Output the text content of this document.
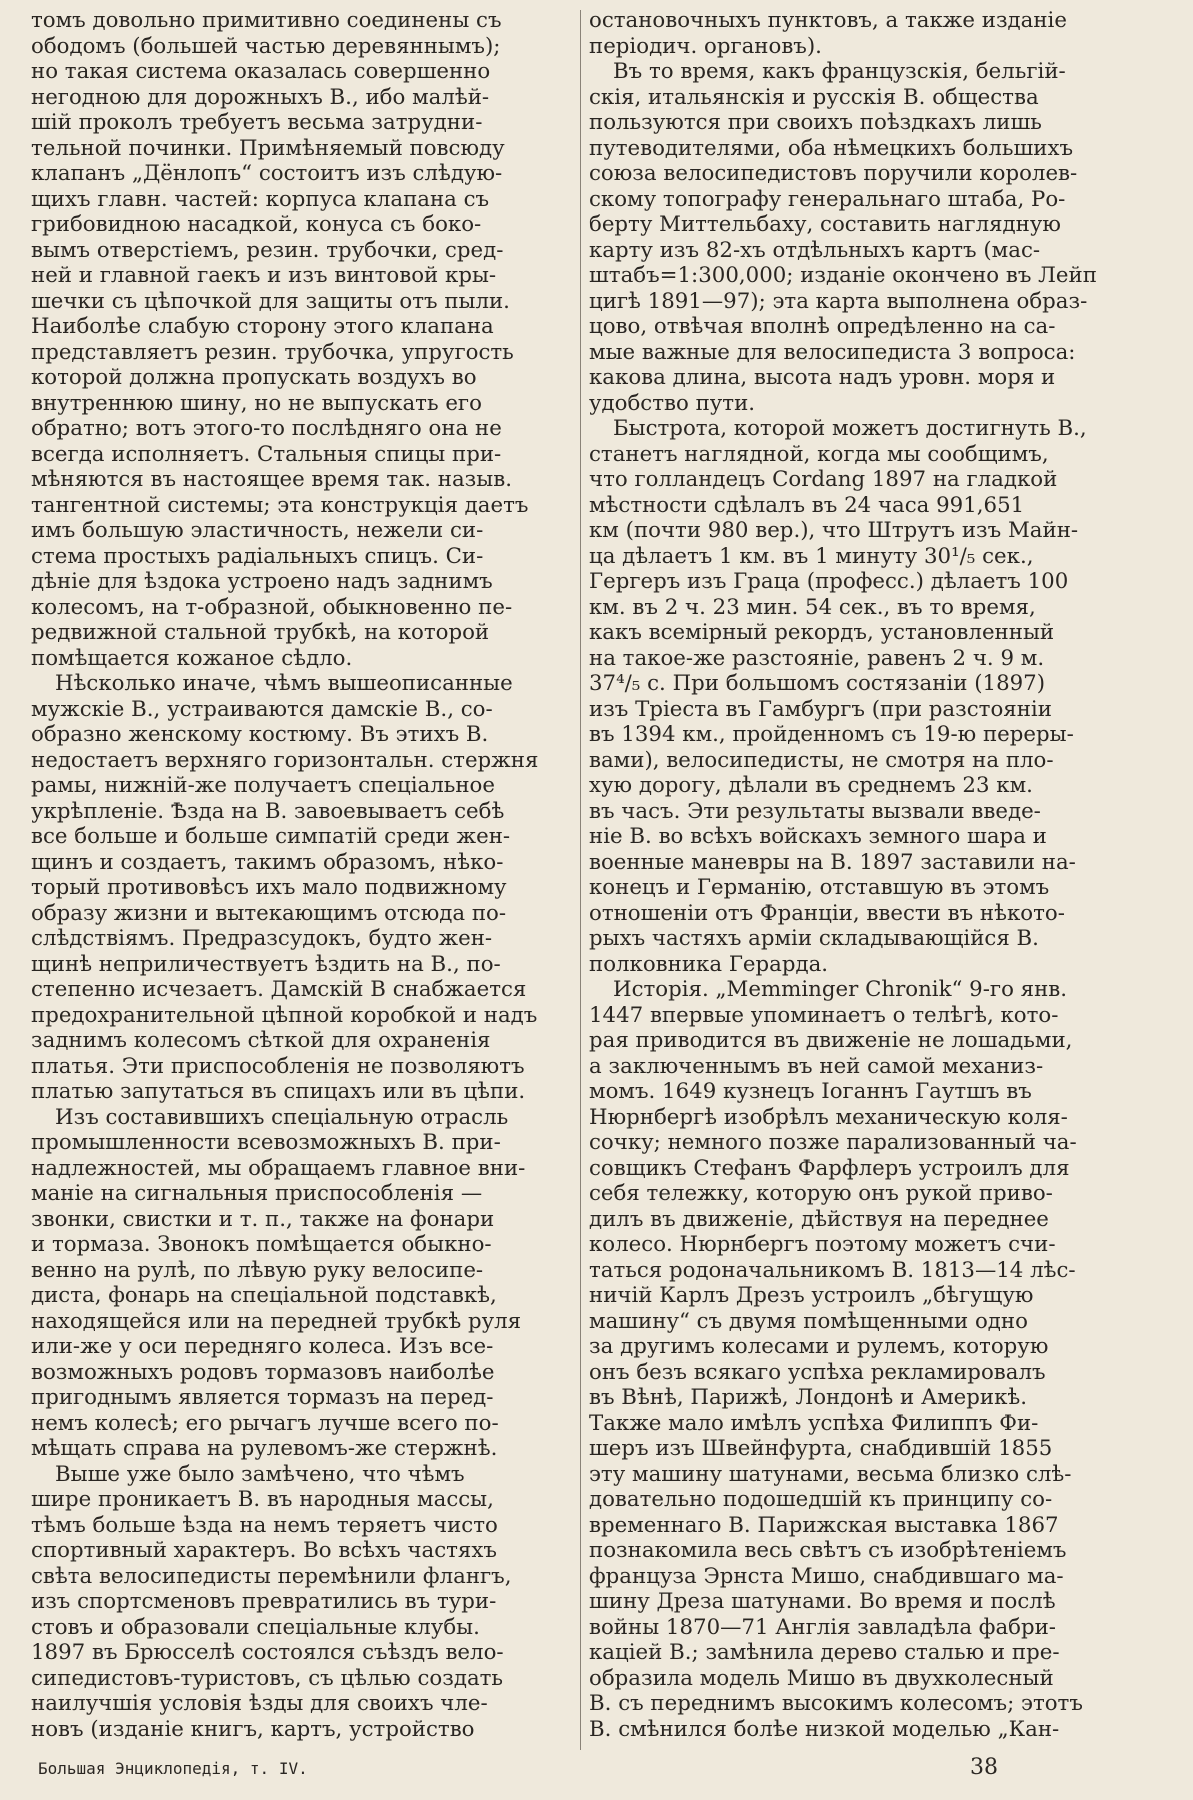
томъ довольно примитивно соединены съ
ободомъ (большей частью деревяннымъ);
но такая система оказалась совершенно
негодною для дорожныхъ В., ибо малѣй-
шій проколъ требуетъ весьма затрудни-
тельной починки. Примѣняемый повсюду
клапанъ „Дёнлопъ“ состоитъ изъ слѣдую-
щихъ главн. частей: корпуса клапана съ
грибовидною насадкой, конуса съ боко-
вымъ отверстіемъ, резин. трубочки, сред-
ней и главной гаекъ и изъ винтовой кры-
шечки съ цѣпочкой для защиты отъ пыли.
Наиболѣе слабую сторону этого клапана
представляетъ резин. трубочка, упругость
которой должна пропускать воздухъ во
внутреннюю шину, но не выпускать его
обратно; вотъ этого-то послѣдняго она не
всегда исполняетъ. Стальныя спицы при-
мѣняются въ настоящее время так. назыв.
тангентной системы; эта конструкція даетъ
имъ большую эластичность, нежели си-
стема простыхъ радіальныхъ спицъ. Си-
дѣніе для ѣздока устроено надъ заднимъ
колесомъ, на т-образной, обыкновенно пе-
редвижной стальной трубкѣ, на которой
помѣщается кожаное сѣдло.
Нѣсколько иначе, чѣмъ вышеописанные
мужскіе В., устраиваются дамскіе В., со-
образно женскому костюму. Въ этихъ В.
недостаетъ верхняго горизонтальн. стержня
рамы, нижній-же получаетъ спеціальное
укрѣпленіе. Ѣзда на В. завоевываетъ себѣ
все больше и больше симпатій среди жен-
щинъ и создаетъ, такимъ образомъ, нѣко-
торый противовѣсъ ихъ мало подвижному
образу жизни и вытекающимъ отсюда по-
слѣдствіямъ. Предразсудокъ, будто жен-
щинѣ неприличествуетъ ѣздить на В., по-
степенно исчезаетъ. Дамскій В снабжается
предохранительной цѣпной коробкой и надъ
заднимъ колесомъ сѣткой для охраненія
платья. Эти приспособленія не позволяютъ
платью запутаться въ спицахъ или въ цѣпи.
Изъ составившихъ спеціальную отрасль
промышленности всевозможныхъ В. при-
надлежностей, мы обращаемъ главное вни-
маніе на сигнальныя приспособленія —
звонки, свистки и т. п., также на фонари
и тормаза. Звонокъ помѣщается обыкно-
венно на рулѣ, по лѣвую руку велосипе-
диста, фонарь на спеціальной подставкѣ,
находящейся или на передней трубкѣ руля
или-же у оси передняго колеса. Изъ все-
возможныхъ родовъ тормазовъ наиболѣе
пригоднымъ является тормазъ на перед-
немъ колесѣ; его рычагъ лучше всего по-
мѣщать справа на рулевомъ-же стержнѣ.
Выше уже было замѣчено, что чѣмъ
шире проникаетъ В. въ народныя массы,
тѣмъ больше ѣзда на немъ теряетъ чисто
спортивный характеръ. Во всѣхъ частяхъ
свѣта велосипедисты перемѣнили флангъ,
изъ спортсменовъ превратились въ тури-
стовъ и образовали спеціальные клубы.
1897 въ Брюсселѣ состоялся съѣздъ вело-
сипедистовъ-туристовъ, съ цѣлью создать
наилучшія условія ѣзды для своихъ чле-
новъ (изданіе книгъ, картъ, устройство
остановочныхъ пунктовъ, а также изданіе
періодич. органовъ).
Въ то время, какъ французскія, бельгій-
скія, итальянскія и русскія В. общества
пользуются при своихъ поѣздкахъ лишь
путеводителями, оба нѣмецкихъ большихъ
союза велосипедистовъ поручили королев-
скому топографу генеральнаго штаба, Ро-
берту Миттельбаху, составить наглядную
карту изъ 82-хъ отдѣльныхъ картъ (мас-
штабъ=1:300,000; изданіе окончено въ Лейп
цигѣ 1891—97); эта карта выполнена образ-
цово, отвѣчая вполнѣ опредѣленно на са-
мые важные для велосипедиста 3 вопроса:
какова длина, высота надъ уровн. моря и
удобство пути.
Быстрота, которой можетъ достигнуть В.,
станетъ наглядной, когда мы сообщимъ,
что голландецъ Cordang 1897 на гладкой
мѣстности сдѣлалъ въ 24 часа 991,651
км (почти 980 вер.), что Штрутъ изъ Майн-
ца дѣлаетъ 1 км. въ 1 минуту 30¹/₅ сек.,
Гергеръ изъ Граца (професс.) дѣлаетъ 100
км. въ 2 ч. 23 мин. 54 сек., въ то время,
какъ всемірный рекордъ, установленный
на такое-же разстояніе, равенъ 2 ч. 9 м.
37⁴/₅ с. При большомъ состязаніи (1897)
изъ Тріеста въ Гамбургъ (при разстояніи
въ 1394 км., пройденномъ съ 19-ю переры-
вами), велосипедисты, не смотря на пло-
хую дорогу, дѣлали въ среднемъ 23 км.
въ часъ. Эти результаты вызвали введе-
ніе В. во всѣхъ войскахъ земного шара и
военные маневры на В. 1897 заставили на-
конецъ и Германію, отставшую въ этомъ
отношеніи отъ Франціи, ввести въ нѣкото-
рыхъ частяхъ арміи складывающійся В.
полковника Герарда.
Исторія. „Memminger Chronik“ 9-го янв.
1447 впервые упоминаетъ о телѣгѣ, кото-
рая приводится въ движеніе не лошадьми,
а заключеннымъ въ ней самой механиз-
момъ. 1649 кузнецъ Іоганнъ Гаутшъ въ
Нюрнбергѣ изобрѣлъ механическую коля-
сочку; немного позже парализованный ча-
совщикъ Стефанъ Фарфлеръ устроилъ для
себя тележку, которую онъ рукой приво-
дилъ въ движеніе, дѣйствуя на переднее
колесо. Нюрнбергъ поэтому можетъ счи-
таться родоначальникомъ В. 1813—14 лѣс-
ничій Карлъ Дрезъ устроилъ „бѣгущую
машину“ съ двумя помѣщенными одно
за другимъ колесами и рулемъ, которую
онъ безъ всякаго успѣха рекламировалъ
въ Вѣнѣ, Парижѣ, Лондонѣ и Америкѣ.
Также мало имѣлъ успѣха Филиппъ Фи-
шеръ изъ Швейнфурта, снабдившій 1855
эту машину шатунами, весьма близко слѣ-
довательно подошедшій къ принципу со-
временнаго В. Парижская выставка 1867
познакомила весь свѣтъ съ изобрѣтеніемъ
француза Эрнста Мишо, снабдившаго ма-
шину Дреза шатунами. Во время и послѣ
войны 1870—71 Англія завладѣла фабри-
каціей В.; замѣнила дерево сталью и пре-
образила модель Мишо въ двухколесный
В. съ переднимъ высокимъ колесомъ; этотъ
В. смѣнился болѣе низкой моделью „Кан-
Большая Энциклопедія, т. IV.	38
